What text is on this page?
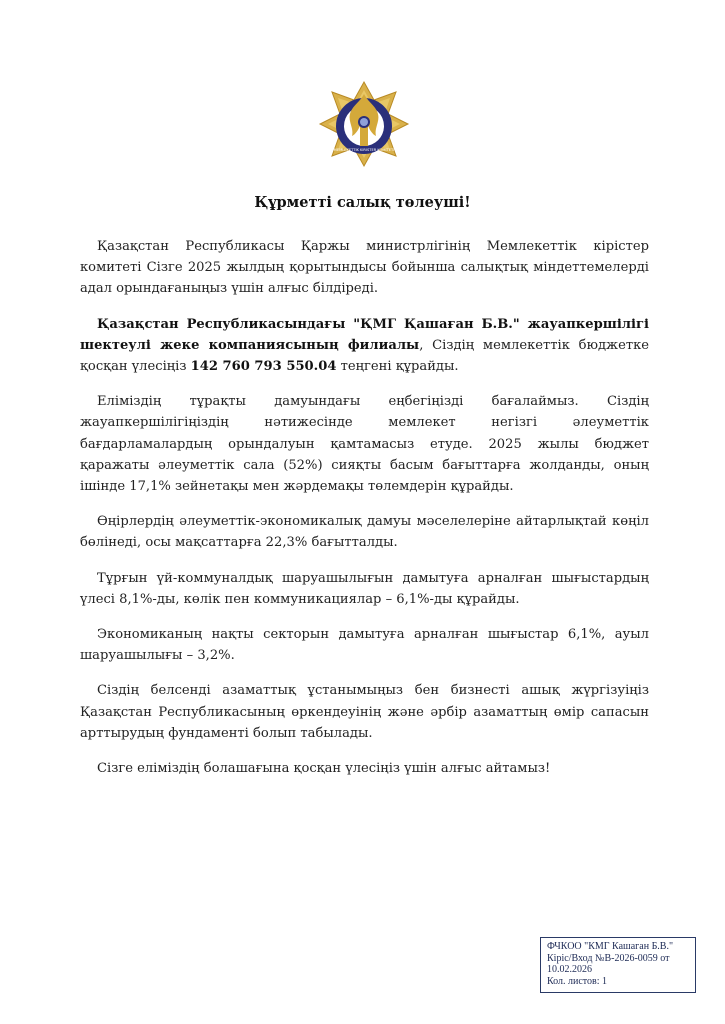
MEMLEKETTIK KIRISTER KOMITETI
Құрметті салық төлеуші!

Қазақстан Республикасы Қаржы министрлігінің Мемлекеттік кірістер комитеті Сізге 2025 жылдың қорытындысы бойынша салықтық міндеттемелерді адал орындағаныңыз үшін алғыс білдіреді.

Қазақстан Республикасындағы "ҚМГ Қашаған Б.В." жауапкершілігі шектеулі жеке компаниясының филиалы, Сіздің мемлекеттік бюджетке қосқан үлесіңіз 142 760 793 550.04 теңгені құрайды.

Еліміздің тұрақты дамуындағы еңбегіңізді бағалаймыз. Сіздің жауапкершілігіңіздің нәтижесінде мемлекет негізгі әлеуметтік бағдарламалардың орындалуын қамтамасыз етуде. 2025 жылы бюджет қаражаты әлеуметтік сала (52%) сияқты басым бағыттарға жолданды, оның ішінде 17,1% зейнетақы мен жәрдемақы төлемдерін құрайды.

Өңірлердің әлеуметтік-экономикалық дамуы мәселелеріне айтарлықтай көңіл бөлінеді, осы мақсаттарға 22,3% бағытталды.

Тұрғын үй-коммуналдық шаруашылығын дамытуға арналған шығыстардың үлесі 8,1%-ды, көлік пен коммуникациялар – 6,1%-ды құрайды.

Экономиканың нақты секторын дамытуға арналған шығыстар 6,1%, ауыл шаруашылығы – 3,2%.

Сіздің белсенді азаматтық ұстанымыңыз бен бизнесті ашық жүргізуіңіз Қазақстан Республикасының өркендеуінің және әрбір азаматтың өмір сапасын арттырудың фундаменті болып табылады.

Сізге еліміздің болашағына қосқан үлесіңіз үшін алғыс айтамыз!

ФЧКОО "КМГ Кашаган Б.В."
Кіріс/Вход №В-2026-0059 от
10.02.2026
Кол. листов: 1
